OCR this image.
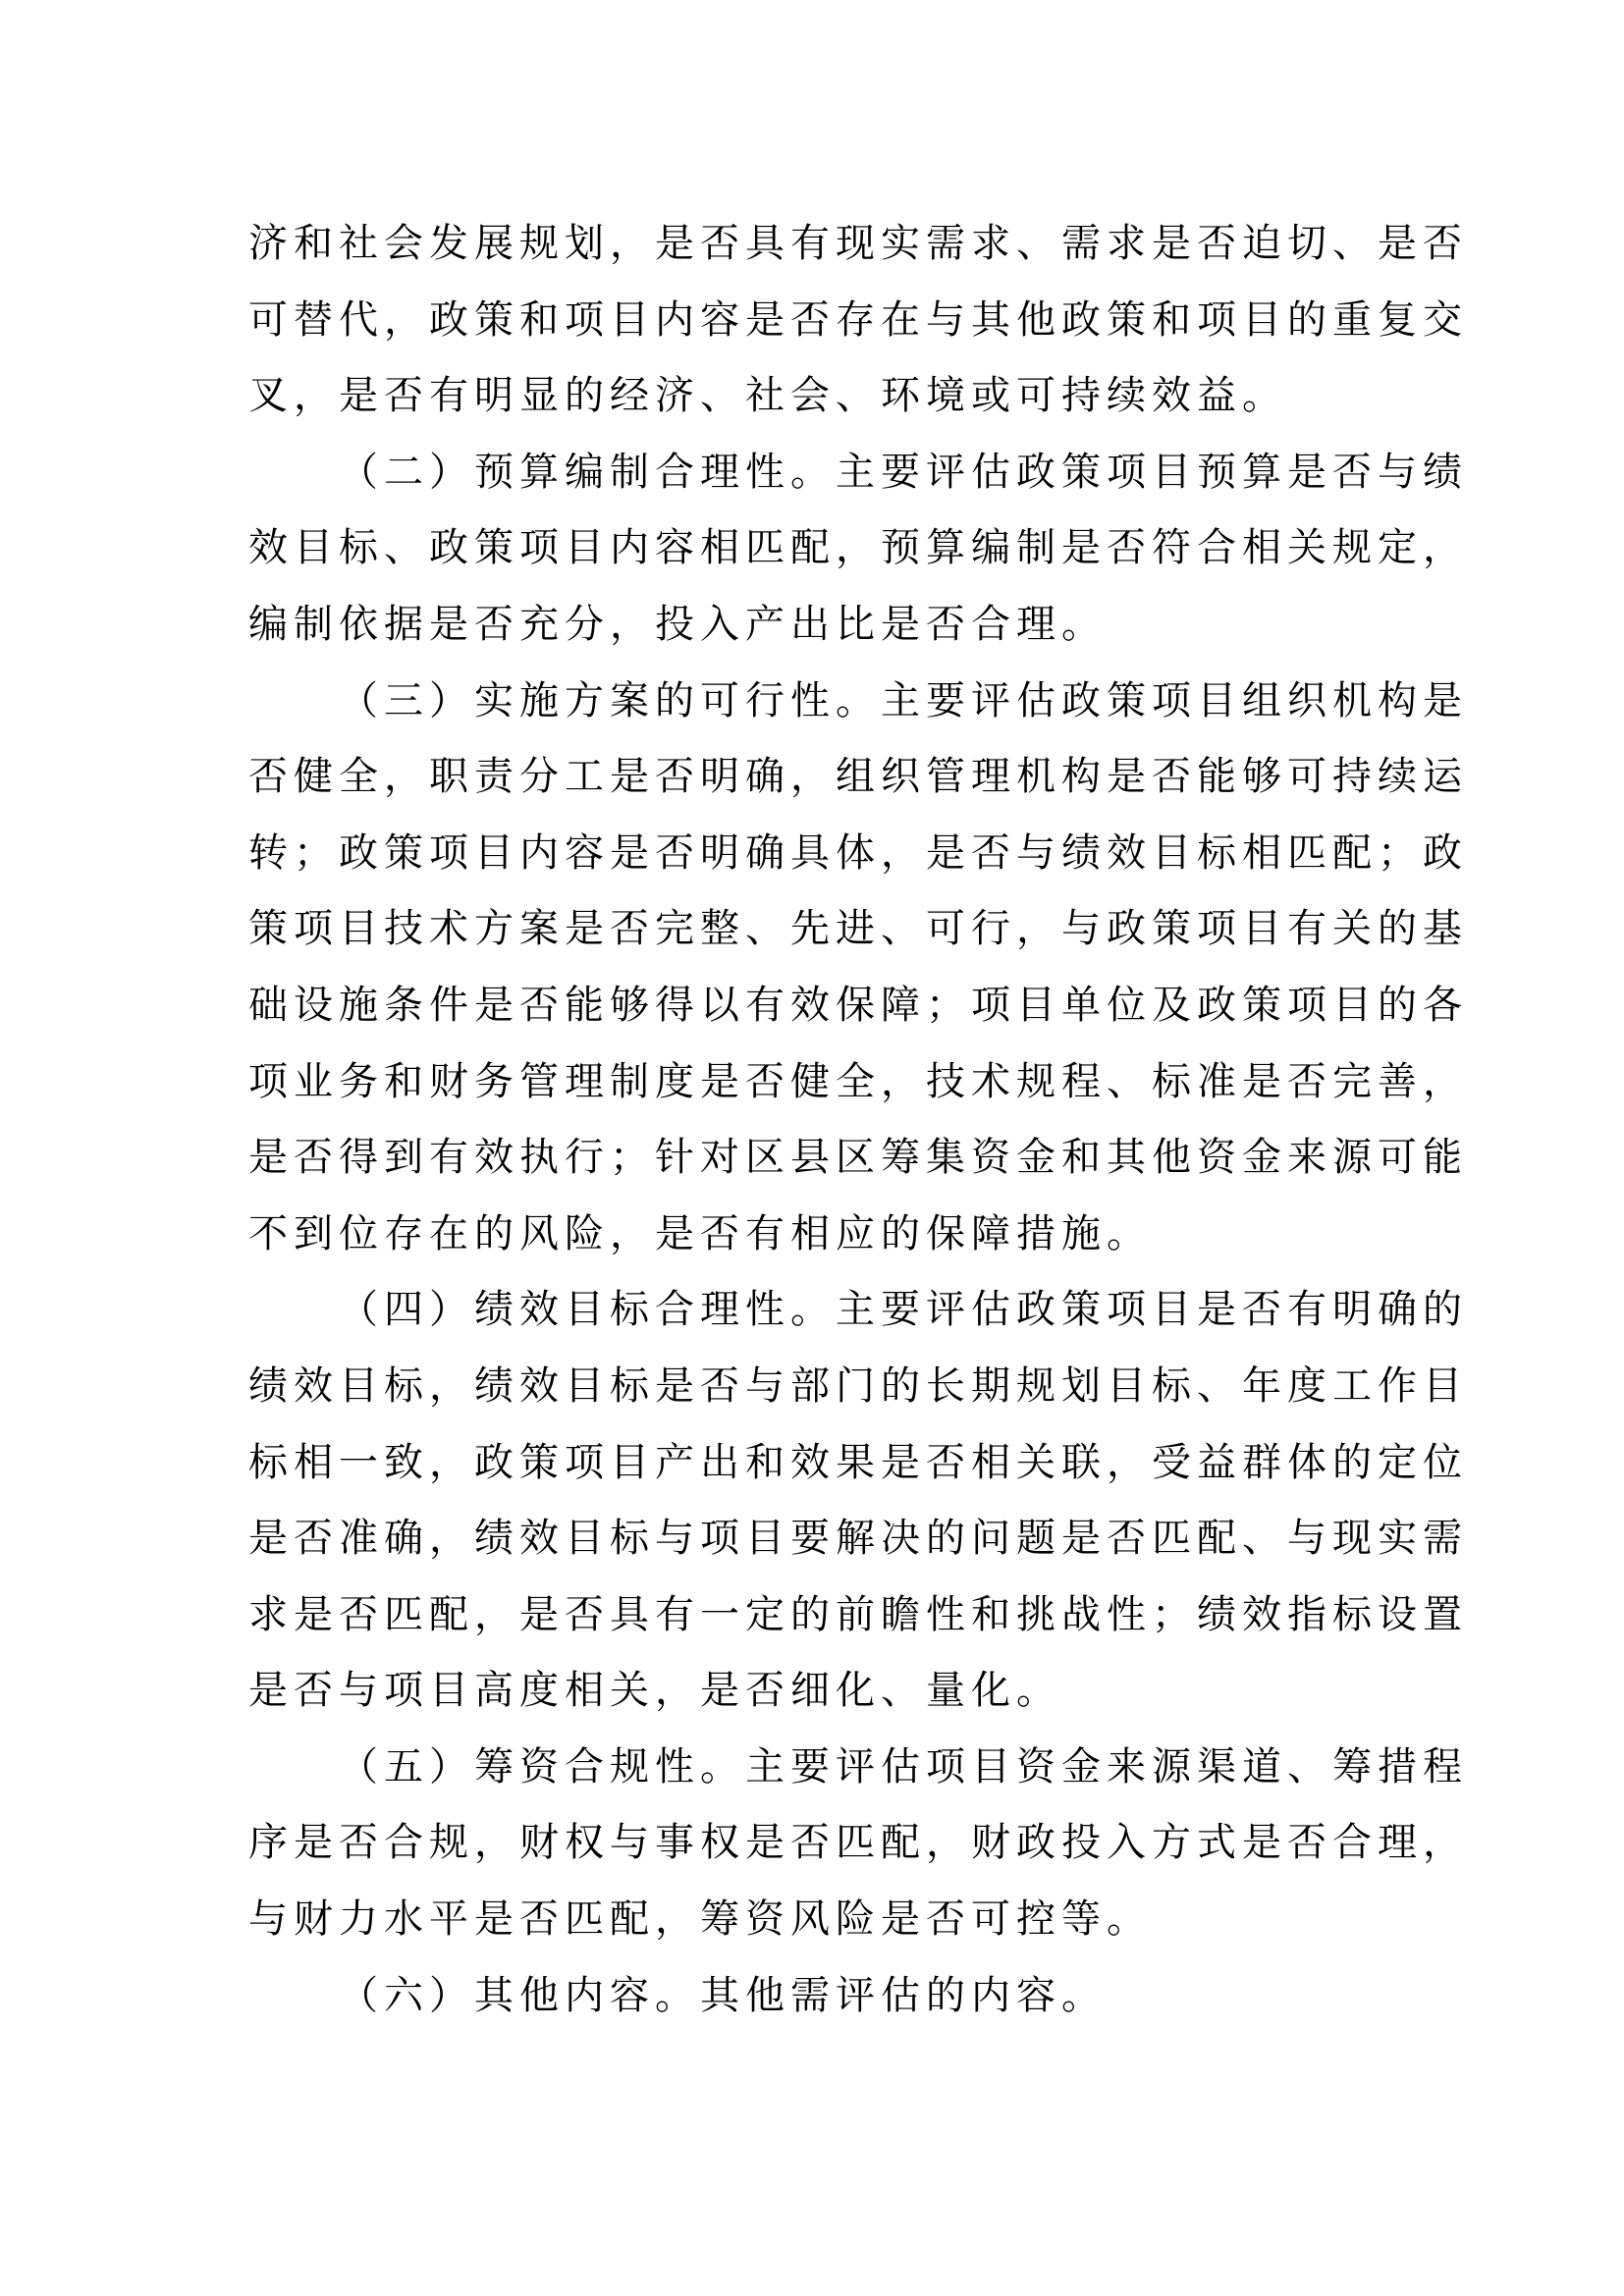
济和社会发展规划，是否具有现实需求、需求是否迫切、是否
可替代，政策和项目内容是否存在与其他政策和项目的重复交
叉，是否有明显的经济、社会、环境或可持续效益。
（二）预算编制合理性。主要评估政策项目预算是否与绩
效目标、政策项目内容相匹配，预算编制是否符合相关规定，
编制依据是否充分，投入产出比是否合理。
（三）实施方案的可行性。主要评估政策项目组织机构是
否健全，职责分工是否明确，组织管理机构是否能够可持续运
转；政策项目内容是否明确具体，是否与绩效目标相匹配；政
策项目技术方案是否完整、先进、可行，与政策项目有关的基
础设施条件是否能够得以有效保障；项目单位及政策项目的各
项业务和财务管理制度是否健全，技术规程、标准是否完善，
是否得到有效执行；针对区县区筹集资金和其他资金来源可能
不到位存在的风险，是否有相应的保障措施。
（四）绩效目标合理性。主要评估政策项目是否有明确的
绩效目标，绩效目标是否与部门的长期规划目标、年度工作目
标相一致，政策项目产出和效果是否相关联，受益群体的定位
是否准确，绩效目标与项目要解决的问题是否匹配、与现实需
求是否匹配，是否具有一定的前瞻性和挑战性；绩效指标设置
是否与项目高度相关，是否细化、量化。
（五）筹资合规性。主要评估项目资金来源渠道、筹措程
序是否合规，财权与事权是否匹配，财政投入方式是否合理，
与财力水平是否匹配，筹资风险是否可控等。
（六）其他内容。其他需评估的内容。
